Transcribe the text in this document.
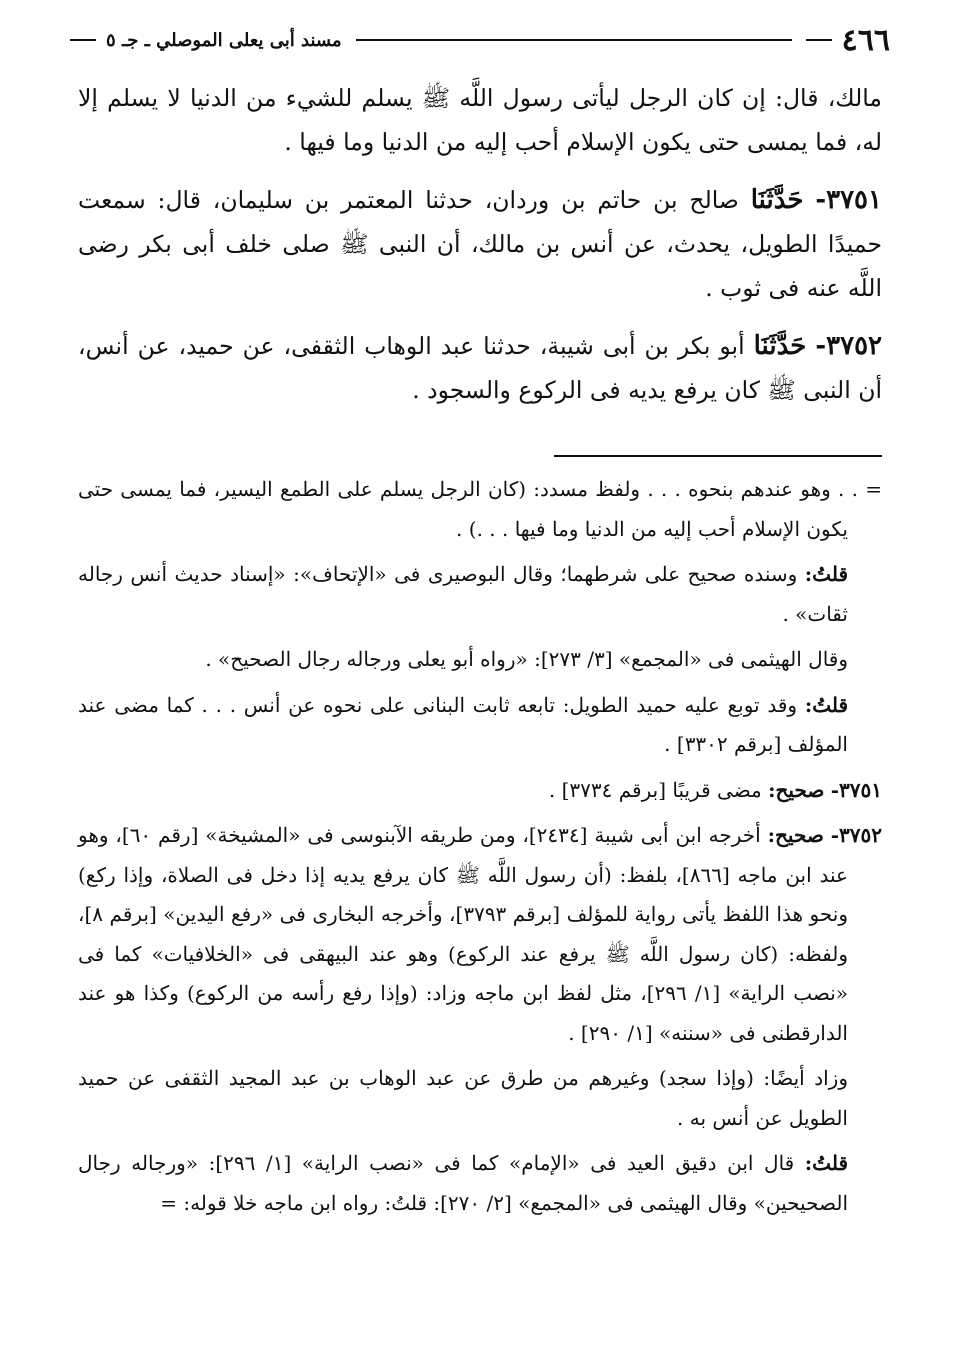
٤٦٦
مسند أبى يعلى الموصلي ـ جـ ٥

مالك، قال: إن كان الرجل ليأتى رسول اللَّه ﷺ يسلم للشيء من الدنيا لا يسلم إلا له، فما يمسى حتى يكون الإسلام أحب إليه من الدنيا وما فيها .

٣٧٥١- حَدَّثَنَا صالح بن حاتم بن وردان، حدثنا المعتمر بن سليمان، قال: سمعت حميدًا الطويل، يحدث، عن أنس بن مالك، أن النبى ﷺ صلى خلف أبى بكر رضى اللَّه عنه فى ثوب .

٣٧٥٢- حَدَّثَنَا أبو بكر بن أبى شيبة، حدثنا عبد الوهاب الثقفى، عن حميد، عن أنس، أن النبى ﷺ كان يرفع يديه فى الركوع والسجود .

= . . وهو عندهم بنحوه . . . ولفظ مسدد: (كان الرجل يسلم على الطمع اليسير، فما يمسى حتى يكون الإسلام أحب إليه من الدنيا وما فيها . . .) .

قلتُ: وسنده صحيح على شرطهما؛ وقال البوصيرى فى «الإتحاف»: «إسناد حديث أنس رجاله ثقات» .

وقال الهيثمى فى «المجمع» [٣/ ٢٧٣]: «رواه أبو يعلى ورجاله رجال الصحيح» .

قلتُ: وقد توبع عليه حميد الطويل: تابعه ثابت البنانى على نحوه عن أنس . . . كما مضى عند المؤلف [برقم ٣٣٠٢] .

٣٧٥١- صحيح: مضى قريبًا [برقم ٣٧٣٤] .

٣٧٥٢- صحيح: أخرجه ابن أبى شيبة [٢٤٣٤]، ومن طريقه الآبنوسى فى «المشيخة» [رقم ٦٠]، وهو عند ابن ماجه [٨٦٦]، بلفظ: (أن رسول اللَّه ﷺ كان يرفع يديه إذا دخل فى الصلاة، وإذا ركع) ونحو هذا اللفظ يأتى رواية للمؤلف [برقم ٣٧٩٣]، وأخرجه البخارى فى «رفع اليدين» [برقم ٨]، ولفظه: (كان رسول اللَّه ﷺ يرفع عند الركوع) وهو عند البيهقى فى «الخلافيات» كما فى «نصب الراية» [١/ ٢٩٦]، مثل لفظ ابن ماجه وزاد: (وإذا رفع رأسه من الركوع) وكذا هو عند الدارقطنى فى «سننه» [١/ ٢٩٠] .

وزاد أيضًا: (وإذا سجد) وغيرهم من طرق عن عبد الوهاب بن عبد المجيد الثقفى عن حميد الطويل عن أنس به .

قلتُ: قال ابن دقيق العيد فى «الإمام» كما فى «نصب الراية» [١/ ٢٩٦]: «ورجاله رجال الصحيحين» وقال الهيثمى فى «المجمع» [٢/ ٢٧٠]: قلتُ: رواه ابن ماجه خلا قوله: =
